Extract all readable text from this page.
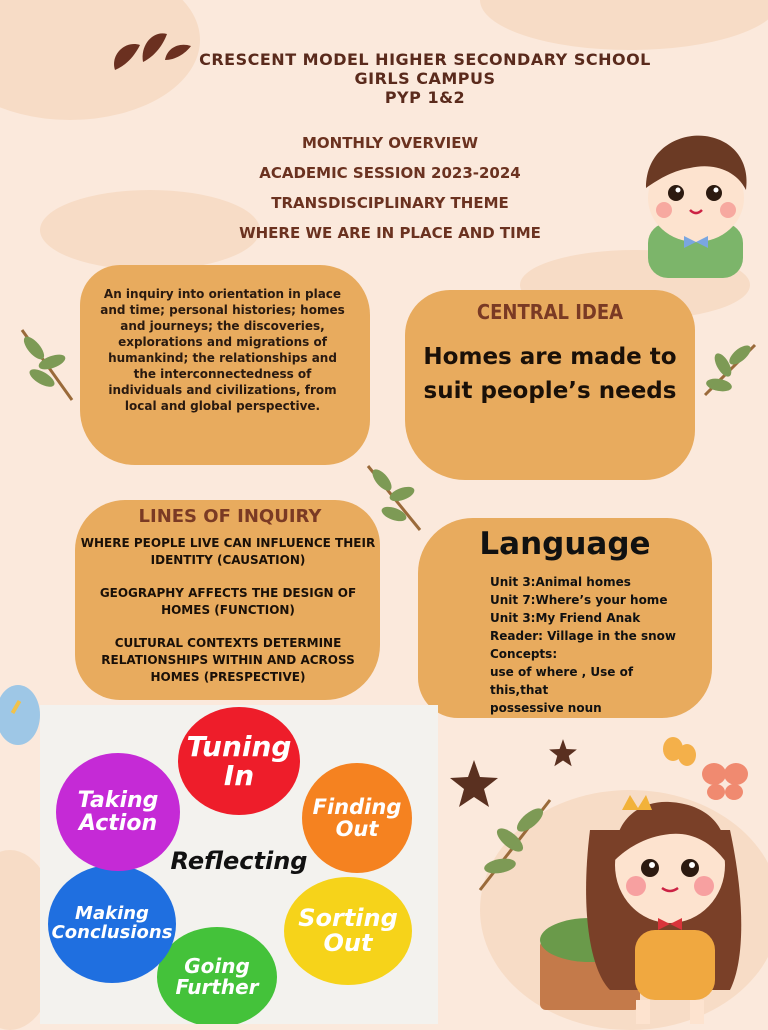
CRESCENT MODEL HIGHER SECONDARY SCHOOL
GIRLS CAMPUS
PYP 1&2
MONTHLY OVERVIEW
ACADEMIC SESSION 2023-2024
TRANSDISCIPLINARY THEME
WHERE WE ARE IN PLACE AND TIME
An inquiry into orientation in place and time; personal histories; homes and journeys; the discoveries, explorations and migrations of humankind; the relationships and the interconnectedness of individuals and civilizations, from local and global perspective.
CENTRAL IDEA
Homes are made to suit people’s needs
LINES OF INQUIRY
WHERE PEOPLE LIVE CAN INFLUENCE THEIR IDENTITY (CAUSATION)
GEOGRAPHY AFFECTS THE DESIGN OF HOMES (FUNCTION)
CULTURAL CONTEXTS DETERMINE RELATIONSHIPS WITHIN AND ACROSS HOMES (PRESPECTIVE)
Language
Unit 3:Animal homes
Unit 7:Where’s your home
Unit 3:My Friend Anak
Reader: Village in the snow
Concepts:
use of where , Use of
this,that
possessive noun
Tuning In
Finding Out
Sorting Out
Going Further
Making Conclusions
Taking Action
Reflecting
